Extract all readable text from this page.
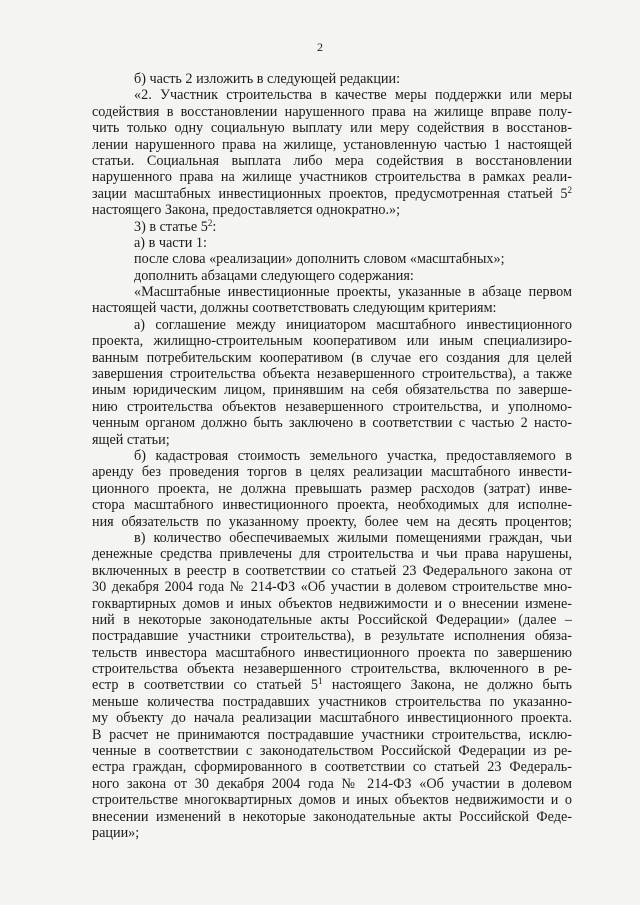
2
б) часть 2 изложить в следующей редакции:
«2. Участник строительства в качестве меры поддержки или меры
содействия в восстановлении нарушенного права на жилище вправе полу-
чить только одну социальную выплату или меру содействия в восстанов-
лении нарушенного права на жилище, установленную частью 1 настоящей
статьи. Социальная выплата либо мера содействия в восстановлении
нарушенного права на жилище участников строительства в рамках реали-
зации масштабных инвестиционных проектов, предусмотренная статьей $5^2$
настоящего Закона, предоставляется однократно.»;
3) в статье $5^2$:
а) в части 1:
после слова «реализации» дополнить словом «масштабных»;
дополнить абзацами следующего содержания:
«Масштабные инвестиционные проекты, указанные в абзаце первом
настоящей части, должны соответствовать следующим критериям:
а) соглашение между инициатором масштабного инвестиционного
проекта, жилищно-строительным кооперативом или иным специализиро-
ванным потребительским кооперативом (в случае его создания для целей
завершения строительства объекта незавершенного строительства), а также
иным юридическим лицом, принявшим на себя обязательства по заверше-
нию строительства объектов незавершенного строительства, и уполномо-
ченным органом должно быть заключено в соответствии с частью 2 насто-
ящей статьи;
б) кадастровая стоимость земельного участка, предоставляемого в
аренду без проведения торгов в целях реализации масштабного инвести-
ционного проекта, не должна превышать размер расходов (затрат) инве-
стора масштабного инвестиционного проекта, необходимых для исполне-
ния обязательств по указанному проекту, более чем на десять процентов;
в) количество обеспечиваемых жилыми помещениями граждан, чьи
денежные средства привлечены для строительства и чьи права нарушены,
включенных в реестр в соответствии со статьей 23 Федерального закона от
30 декабря 2004 года № 214-ФЗ «Об участии в долевом строительстве мно-
гоквартирных домов и иных объектов недвижимости и о внесении измене-
ний в некоторые законодательные акты Российской Федерации» (далее –
пострадавшие участники строительства), в результате исполнения обяза-
тельств инвестора масштабного инвестиционного проекта по завершению
строительства объекта незавершенного строительства, включенного в ре-
естр в соответствии со статьей $5^1$ настоящего Закона, не должно быть
меньше количества пострадавших участников строительства по указанно-
му объекту до начала реализации масштабного инвестиционного проекта.
В расчет не принимаются пострадавшие участники строительства, исклю-
ченные в соответствии с законодательством Российской Федерации из ре-
естра граждан, сформированного в соответствии со статьей 23 Федераль-
ного закона от 30 декабря 2004 года № 214-ФЗ «Об участии в долевом
строительстве многоквартирных домов и иных объектов недвижимости и о
внесении изменений в некоторые законодательные акты Российской Феде-
рации»;
